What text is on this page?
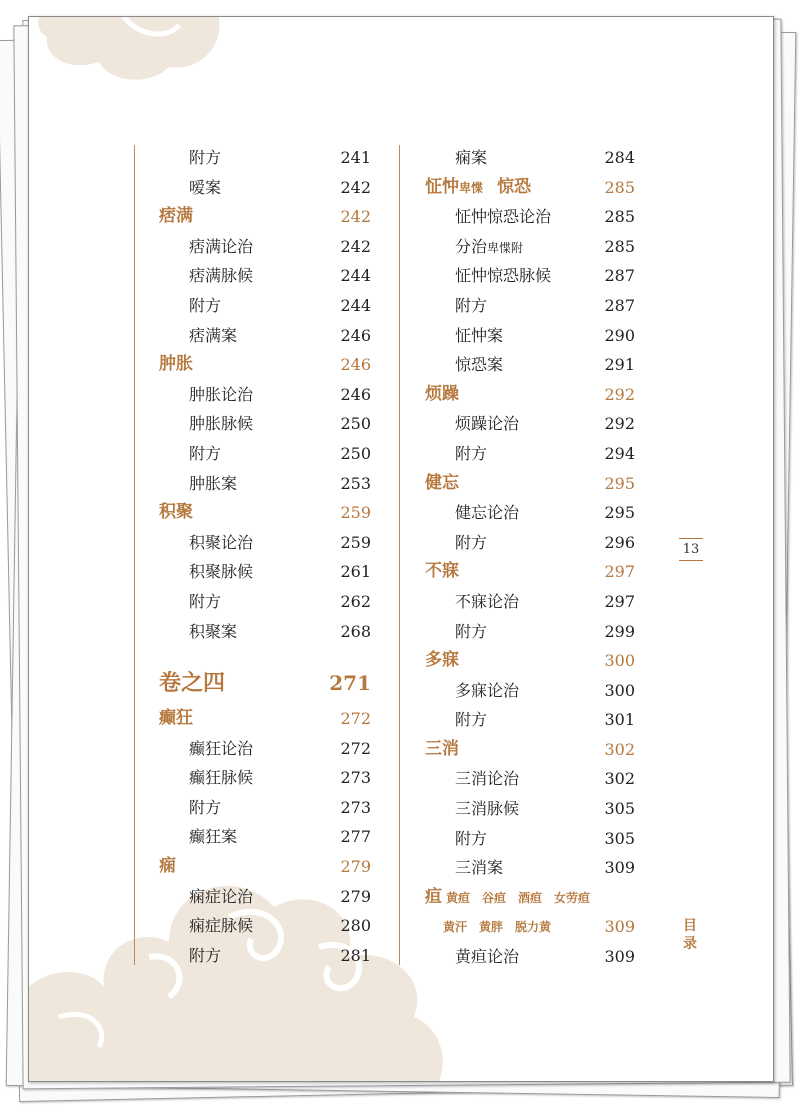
附方	241
嗳案	242
痞满	242
痞满论治	242
痞满脉候	244
附方	244
痞满案	246
肿胀	246
肿胀论治	246
肿胀脉候	250
附方	250
肿胀案	253
积聚	259
积聚论治	259
积聚脉候	261
附方	262
积聚案	268
卷之四	271
癫狂	272
癫狂论治	272
癫狂脉候	273
附方	273
癫狂案	277
痫	279
痫症论治	279
痫症脉候	280
附方	281
痫案	284
怔忡卑惵 惊恐	285
怔忡惊恐论治	285
分治卑惵附	285
怔忡惊恐脉候	287
附方	287
怔忡案	290
惊恐案	291
烦躁	292
烦躁论治	292
附方	294
健忘	295
健忘论治	295
附方	296
不寐	297
不寐论治	297
附方	299
多寐	300
多寐论治	300
附方	301
三消	302
三消论治	302
三消脉候	305
附方	305
三消案	309
疸 黄疸　谷疸　酒疸　女劳疸
黄汗　黄胖　脱力黄	309
黄疸论治	309
13
目录
